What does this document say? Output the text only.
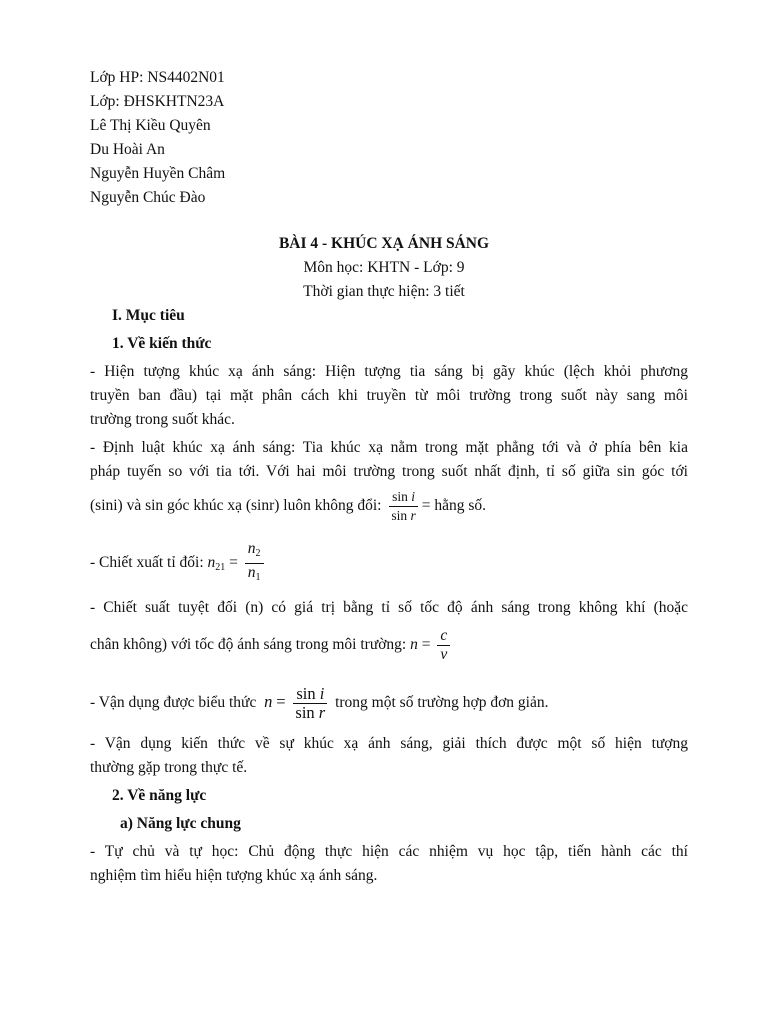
Lớp HP: NS4402N01
Lớp: ĐHSKHTN23A
Lê Thị Kiều Quyên
Du Hoài An
Nguyễn Huyền Châm
Nguyễn Chúc Đào
BÀI 4 - KHÚC XẠ ÁNH SÁNG
Môn học: KHTN - Lớp: 9
Thời gian thực hiện: 3 tiết
I. Mục tiêu
1. Về kiến thức
- Hiện tượng khúc xạ ánh sáng: Hiện tượng tia sáng bị gãy khúc (lệch khỏi phương
truyền ban đầu) tại mặt phân cách khi truyền từ môi trường trong suốt này sang môi
trường trong suốt khác.
- Định luật khúc xạ ánh sáng: Tia khúc xạ nằm trong mặt phẳng tới và ở phía bên kia
pháp tuyến so với tia tới. Với hai môi trường trong suốt nhất định, tỉ số giữa sin góc tới
(sini) và sin góc khúc xạ (sinr) luôn không đổi: $\frac{\text{sin i}}{\text{sin r}}$ = hằng số.
- Chiết xuất tỉ đối: $n_{21} = \frac{n_2}{n_1}$
- Chiết suất tuyệt đối (n) có giá trị bằng tỉ số tốc độ ánh sáng trong không khí (hoặc
chân không) với tốc độ ánh sáng trong môi trường: $n = \frac{c}{v}$
- Vận dụng được biểu thức $n = \frac{\text{sin i}}{\text{sin r}}$ trong một số trường hợp đơn giản.
- Vận dụng kiến thức về sự khúc xạ ánh sáng, giải thích được một số hiện tượng
thường gặp trong thực tế.
2. Về năng lực
a) Năng lực chung
- Tự chủ và tự học: Chủ động thực hiện các nhiệm vụ học tập, tiến hành các thí
nghiệm tìm hiểu hiện tượng khúc xạ ánh sáng.
